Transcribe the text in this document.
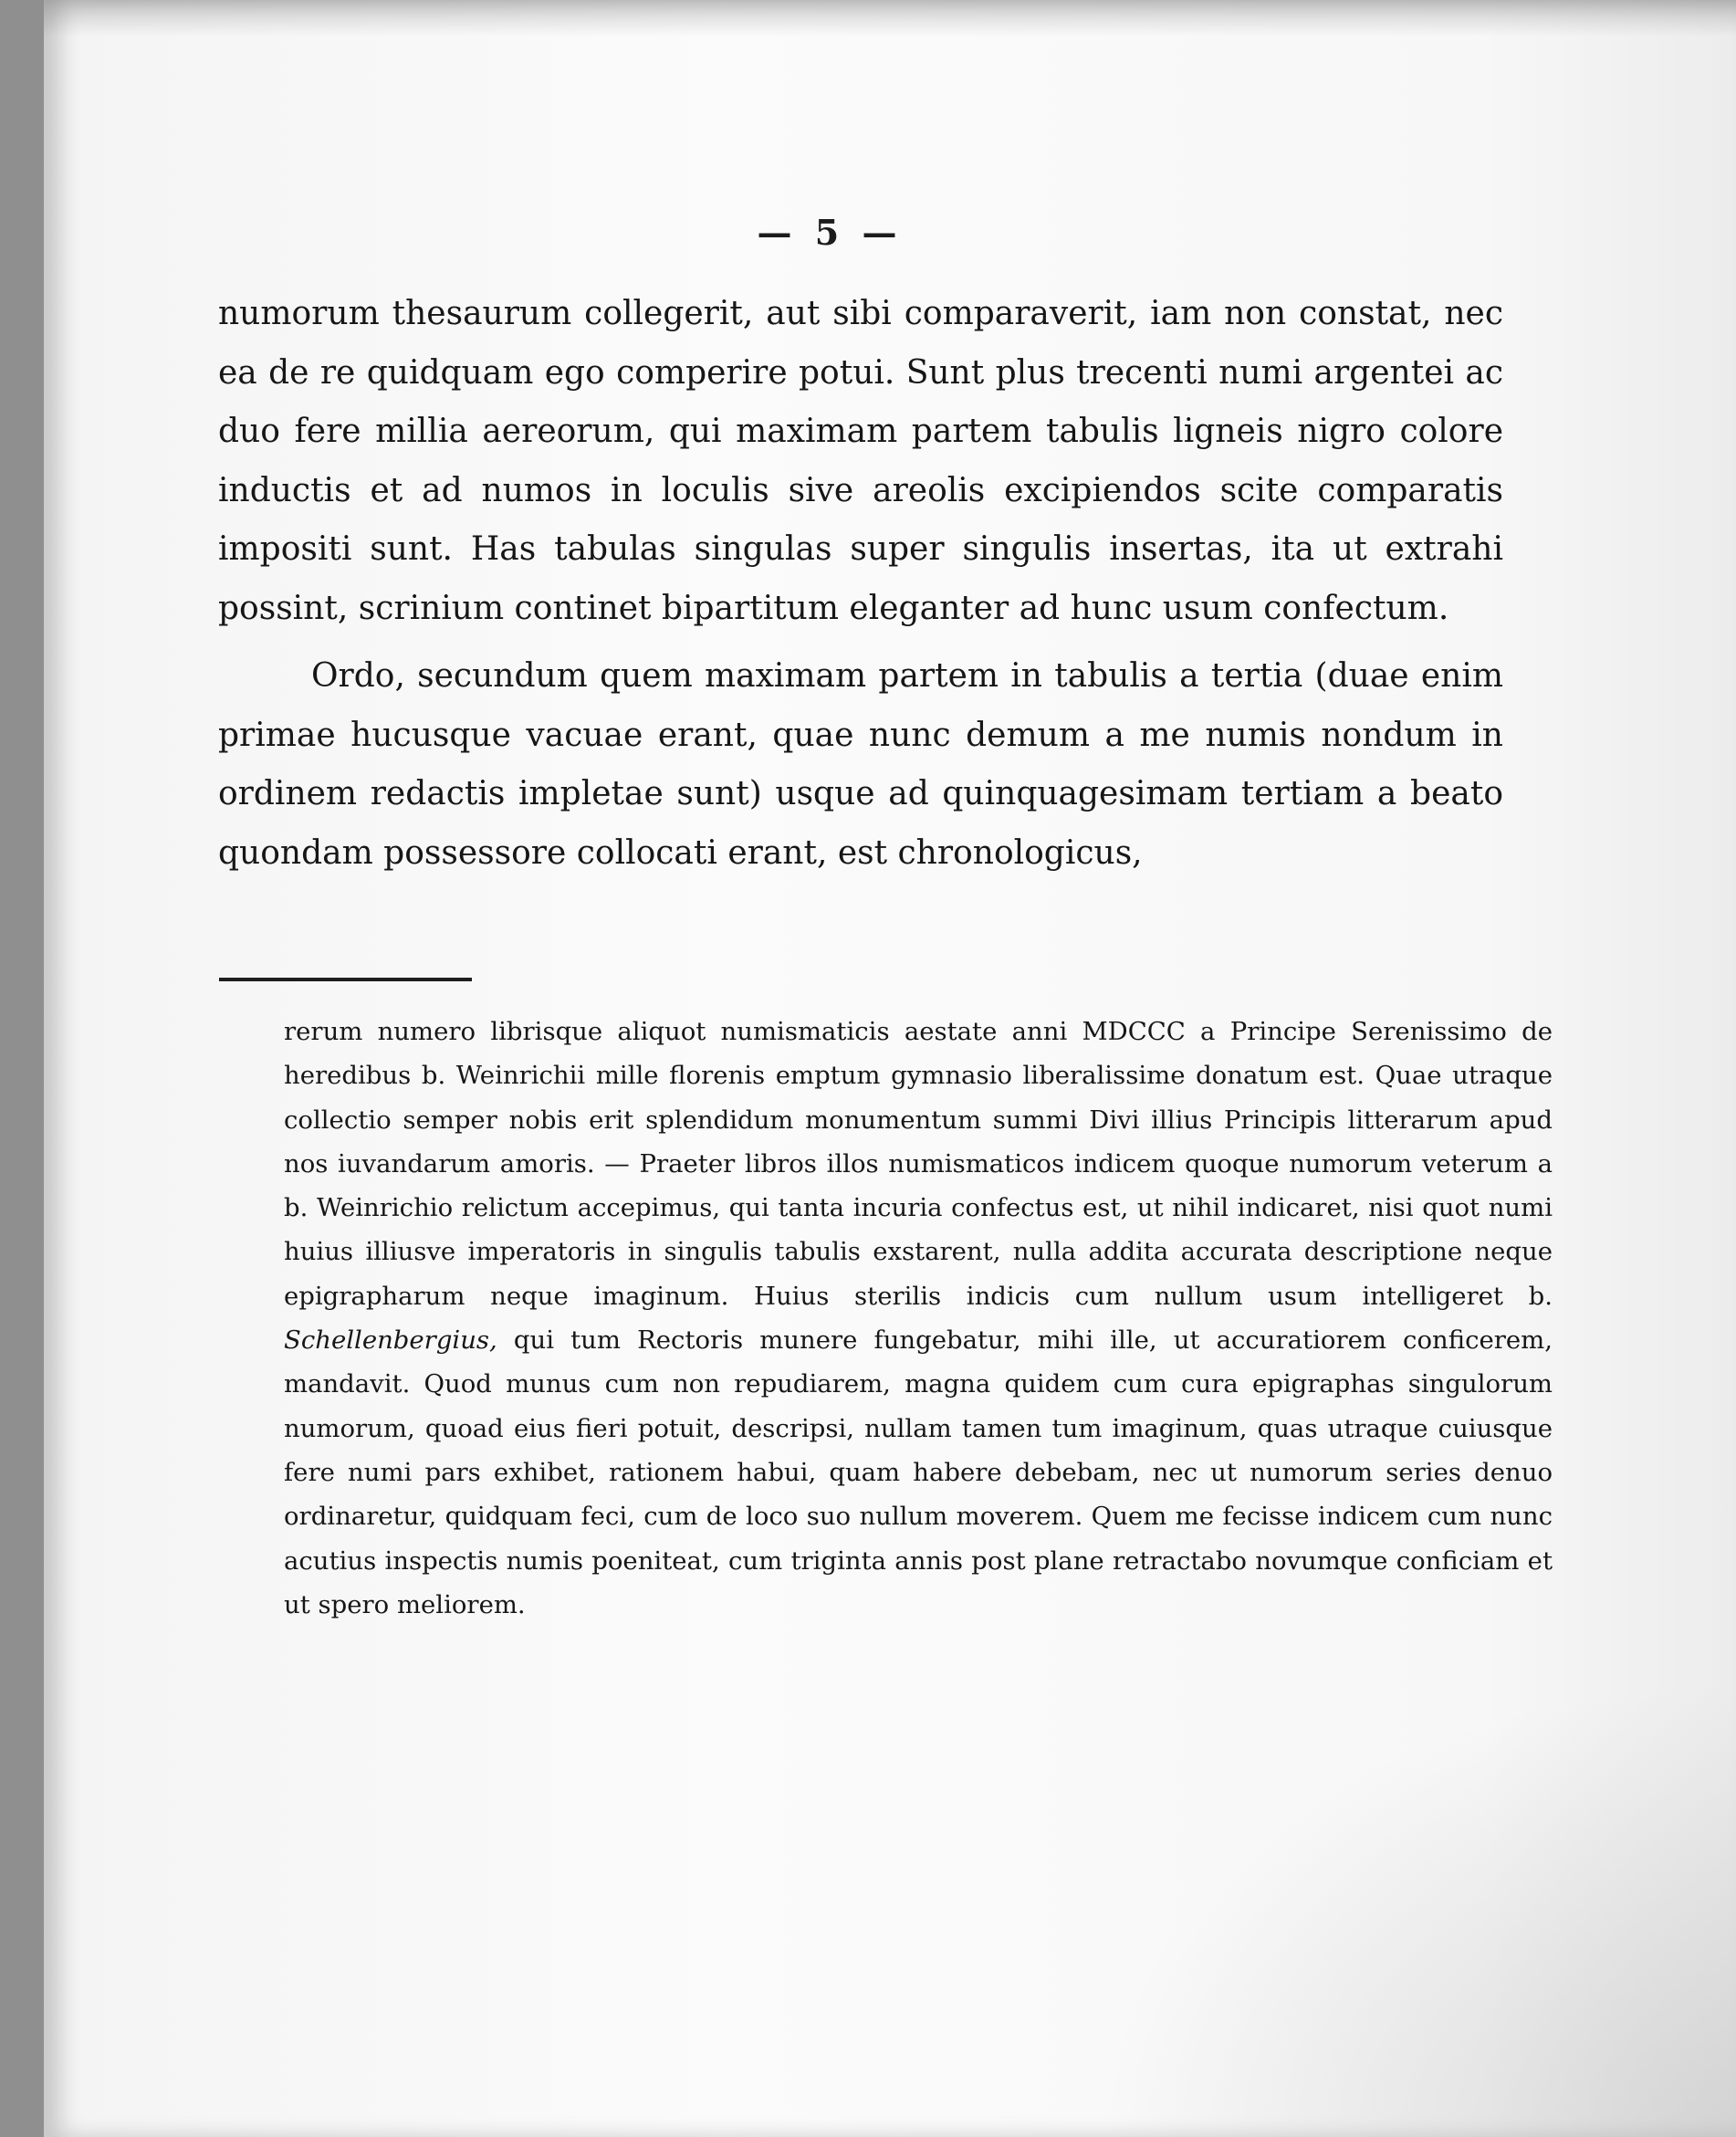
— 5 —

numorum thesaurum collegerit, aut sibi comparaverit, iam non constat, nec ea de re quidquam ego comperire potui. Sunt plus trecenti numi argentei ac duo fere millia aereorum, qui maximam partem tabulis ligneis nigro colore inductis et ad numos in loculis sive areolis excipiendos scite comparatis impositi sunt. Has tabulas singulas super singulis insertas, ita ut extrahi possint, scrinium continet bipartitum eleganter ad hunc usum confectum.

Ordo, secundum quem maximam partem in tabulis a tertia (duae enim primae hucusque vacuae erant, quae nunc demum a me numis nondum in ordinem redactis impletae sunt) usque ad quinquagesimam tertiam a beato quondam possessore collocati erant, est chronologicus,

rerum numero librisque aliquot numismaticis aestate anni MDCCC a Principe Serenissimo de heredibus b. Weinrichii mille florenis emptum gymnasio liberalissime donatum est. Quae utraque collectio semper nobis erit splendidum monumentum summi Divi illius Principis litterarum apud nos iuvandarum amoris. — Praeter libros illos numismaticos indicem quoque numorum veterum a b. Weinrichio relictum accepimus, qui tanta incuria confectus est, ut nihil indicaret, nisi quot numi huius illiusve imperatoris in singulis tabulis exstarent, nulla addita accurata descriptione neque epigrapharum neque imaginum. Huius sterilis indicis cum nullum usum intelligeret b. Schellenbergius, qui tum Rectoris munere fungebatur, mihi ille, ut accuratiorem conficerem, mandavit. Quod munus cum non repudiarem, magna quidem cum cura epigraphas singulorum numorum, quoad eius fieri potuit, descripsi, nullam tamen tum imaginum, quas utraque cuiusque fere numi pars exhibet, rationem habui, quam habere debebam, nec ut numorum series denuo ordinaretur, quidquam feci, cum de loco suo nullum moverem. Quem me fecisse indicem cum nunc acutius inspectis numis poeniteat, cum triginta annis post plane retractabo novumque conficiam et ut spero meliorem.
